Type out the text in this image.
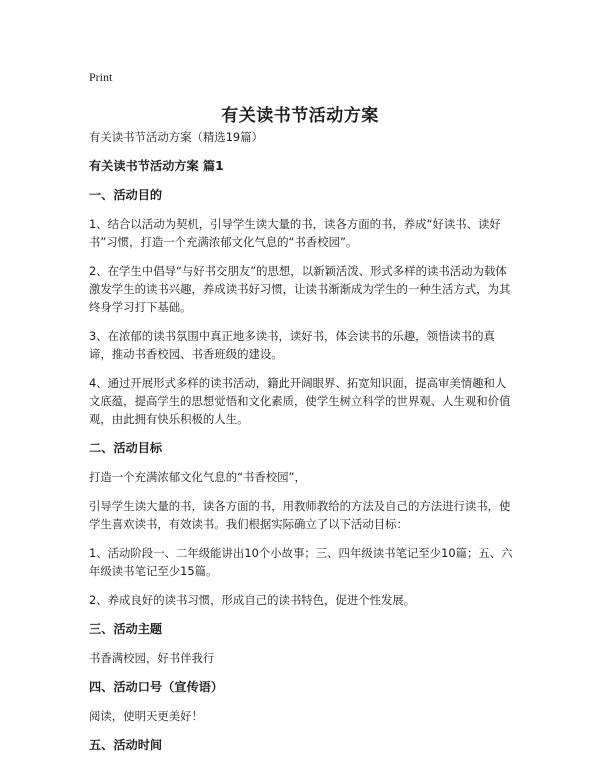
Print
有关读书节活动方案

有关读书节活动方案（精选19篇）

有关读书节活动方案 篇1

一、活动目的

1、结合以活动为契机，引导学生读大量的书，读各方面的书，养成“好读书、读好书”习惯，打造一个充满浓郁文化气息的“书香校园”。

2、在学生中倡导“与好书交朋友”的思想，以新颖活泼、形式多样的读书活动为载体激发学生的读书兴趣，养成读书好习惯，让读书渐渐成为学生的一种生活方式，为其终身学习打下基础。

3、在浓郁的读书氛围中真正地多读书，读好书，体会读书的乐趣，领悟读书的真谛，推动书香校园、书香班级的建设。

4、通过开展形式多样的读书活动，籍此开阔眼界、拓宽知识面，提高审美情趣和人文底蕴，提高学生的思想觉悟和文化素质，使学生树立科学的世界观、人生观和价值观，由此拥有快乐积极的人生。

二、活动目标

打造一个充满浓郁文化气息的“书香校园”，

引导学生读大量的书，读各方面的书，用教师教给的方法及自己的方法进行读书，使学生喜欢读书，有效读书。我们根据实际确立了以下活动目标：

1、活动阶段一、二年级能讲出10个小故事；三、四年级读书笔记至少10篇；五、六年级读书笔记至少15篇。

2、养成良好的读书习惯，形成自己的读书特色，促进个性发展。

三、活动主题

书香满校园，好书伴我行

四、活动口号（宣传语）

阅读，使明天更美好！

五、活动时间
